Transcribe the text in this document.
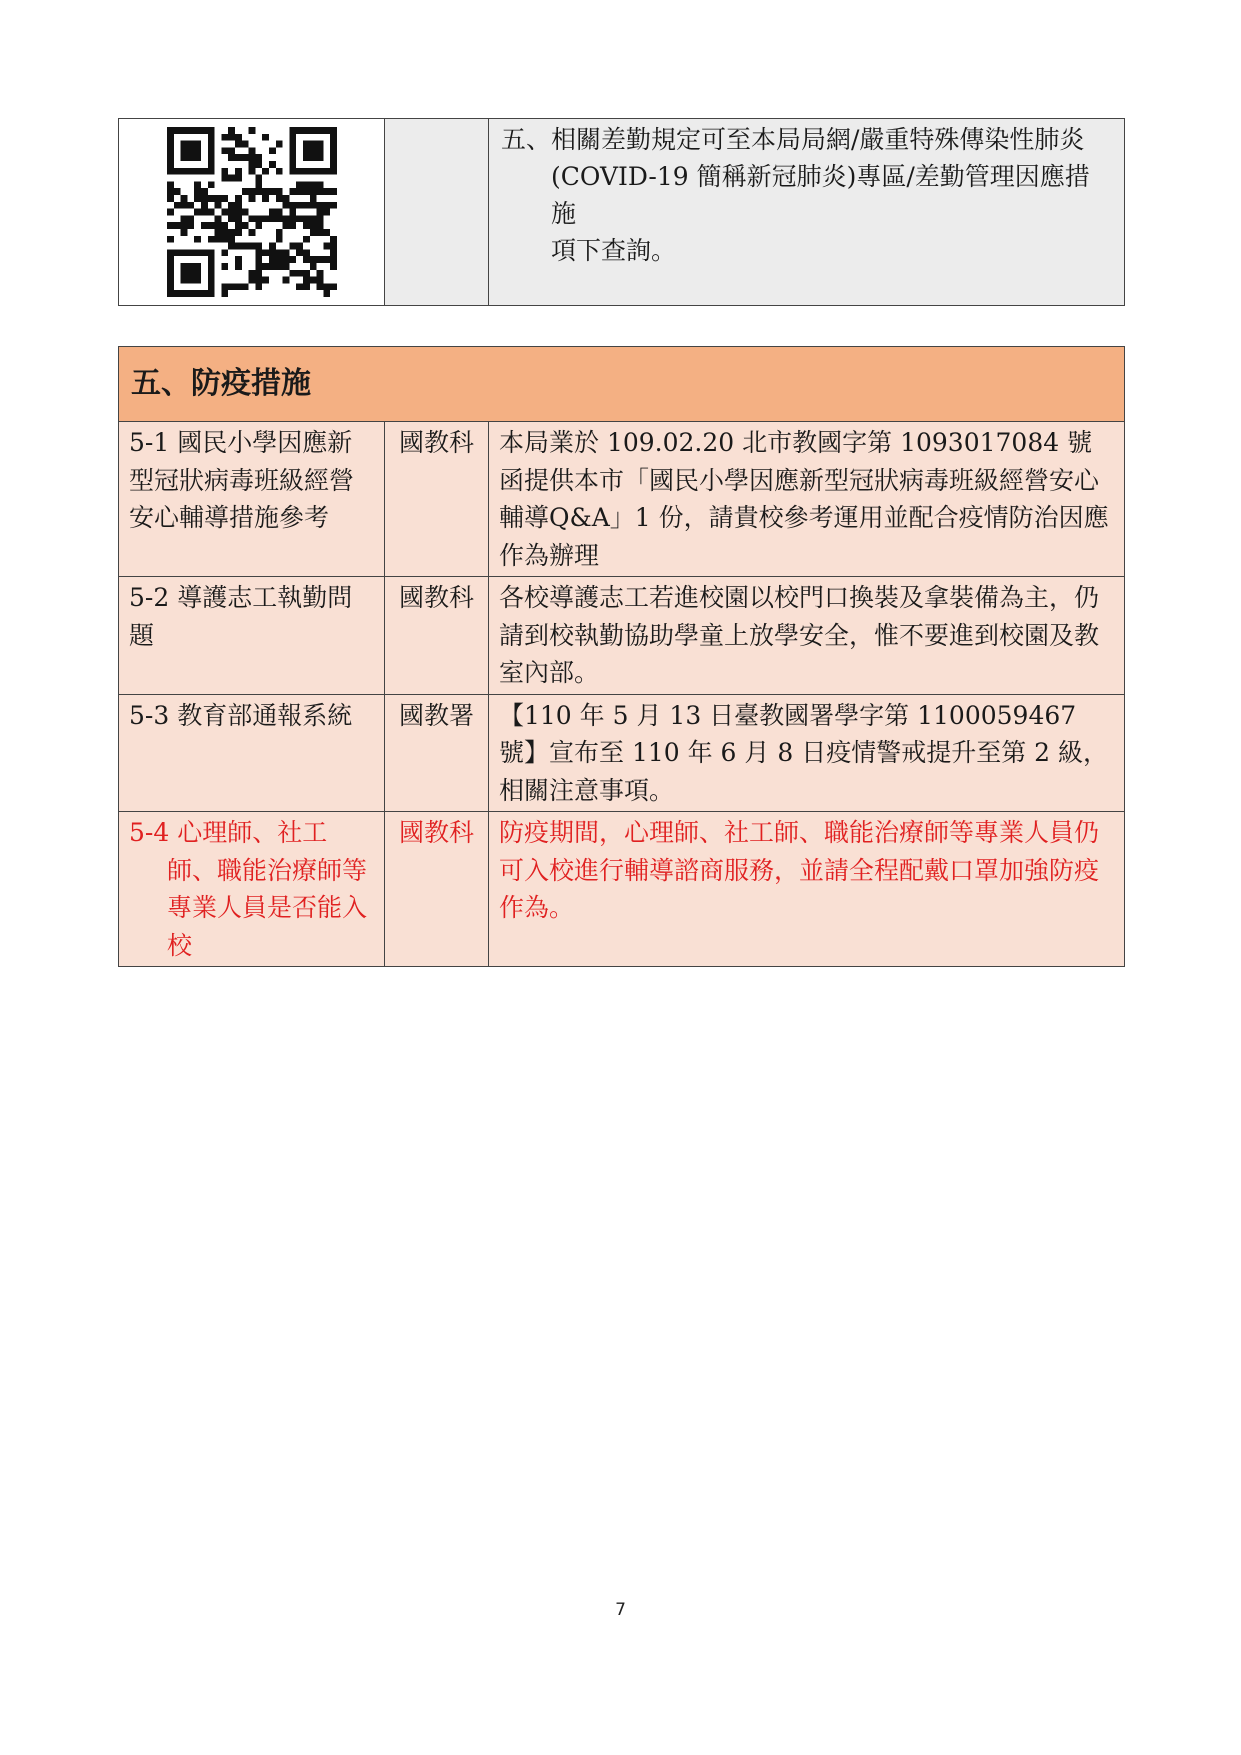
五、相關差勤規定可至本局局網/嚴重特殊傳染性肺炎
(COVID-19 簡稱新冠肺炎)專區/差勤管理因應措施
項下查詢。
五、防疫措施		
5-1 國民小學因應新型冠狀病毒班級經營安心輔導措施參考	國教科	本局業於 109.02.20 北市教國字第 1093017084 號函提供本市「國民小學因應新型冠狀病毒班級經營安心輔導Q&A」1 份，請貴校參考運用並配合疫情防治因應作為辦理
5-2 導護志工執勤問題	國教科	各校導護志工若進校園以校門口換裝及拿裝備為主，仍請到校執勤協助學童上放學安全，惟不要進到校園及教室內部。
5-3 教育部通報系統	國教署	【110 年 5 月 13 日臺教國署學字第 1100059467 號】宣布至 110 年 6 月 8 日疫情警戒提升至第 2 級，相關注意事項。

5-4 心理師、社工師、職能治療師等專業人員是否能入校	國教科	防疫期間，心理師、社工師、職能治療師等專業人員仍可入校進行輔導諮商服務，並請全程配戴口罩加強防疫作為。
7
